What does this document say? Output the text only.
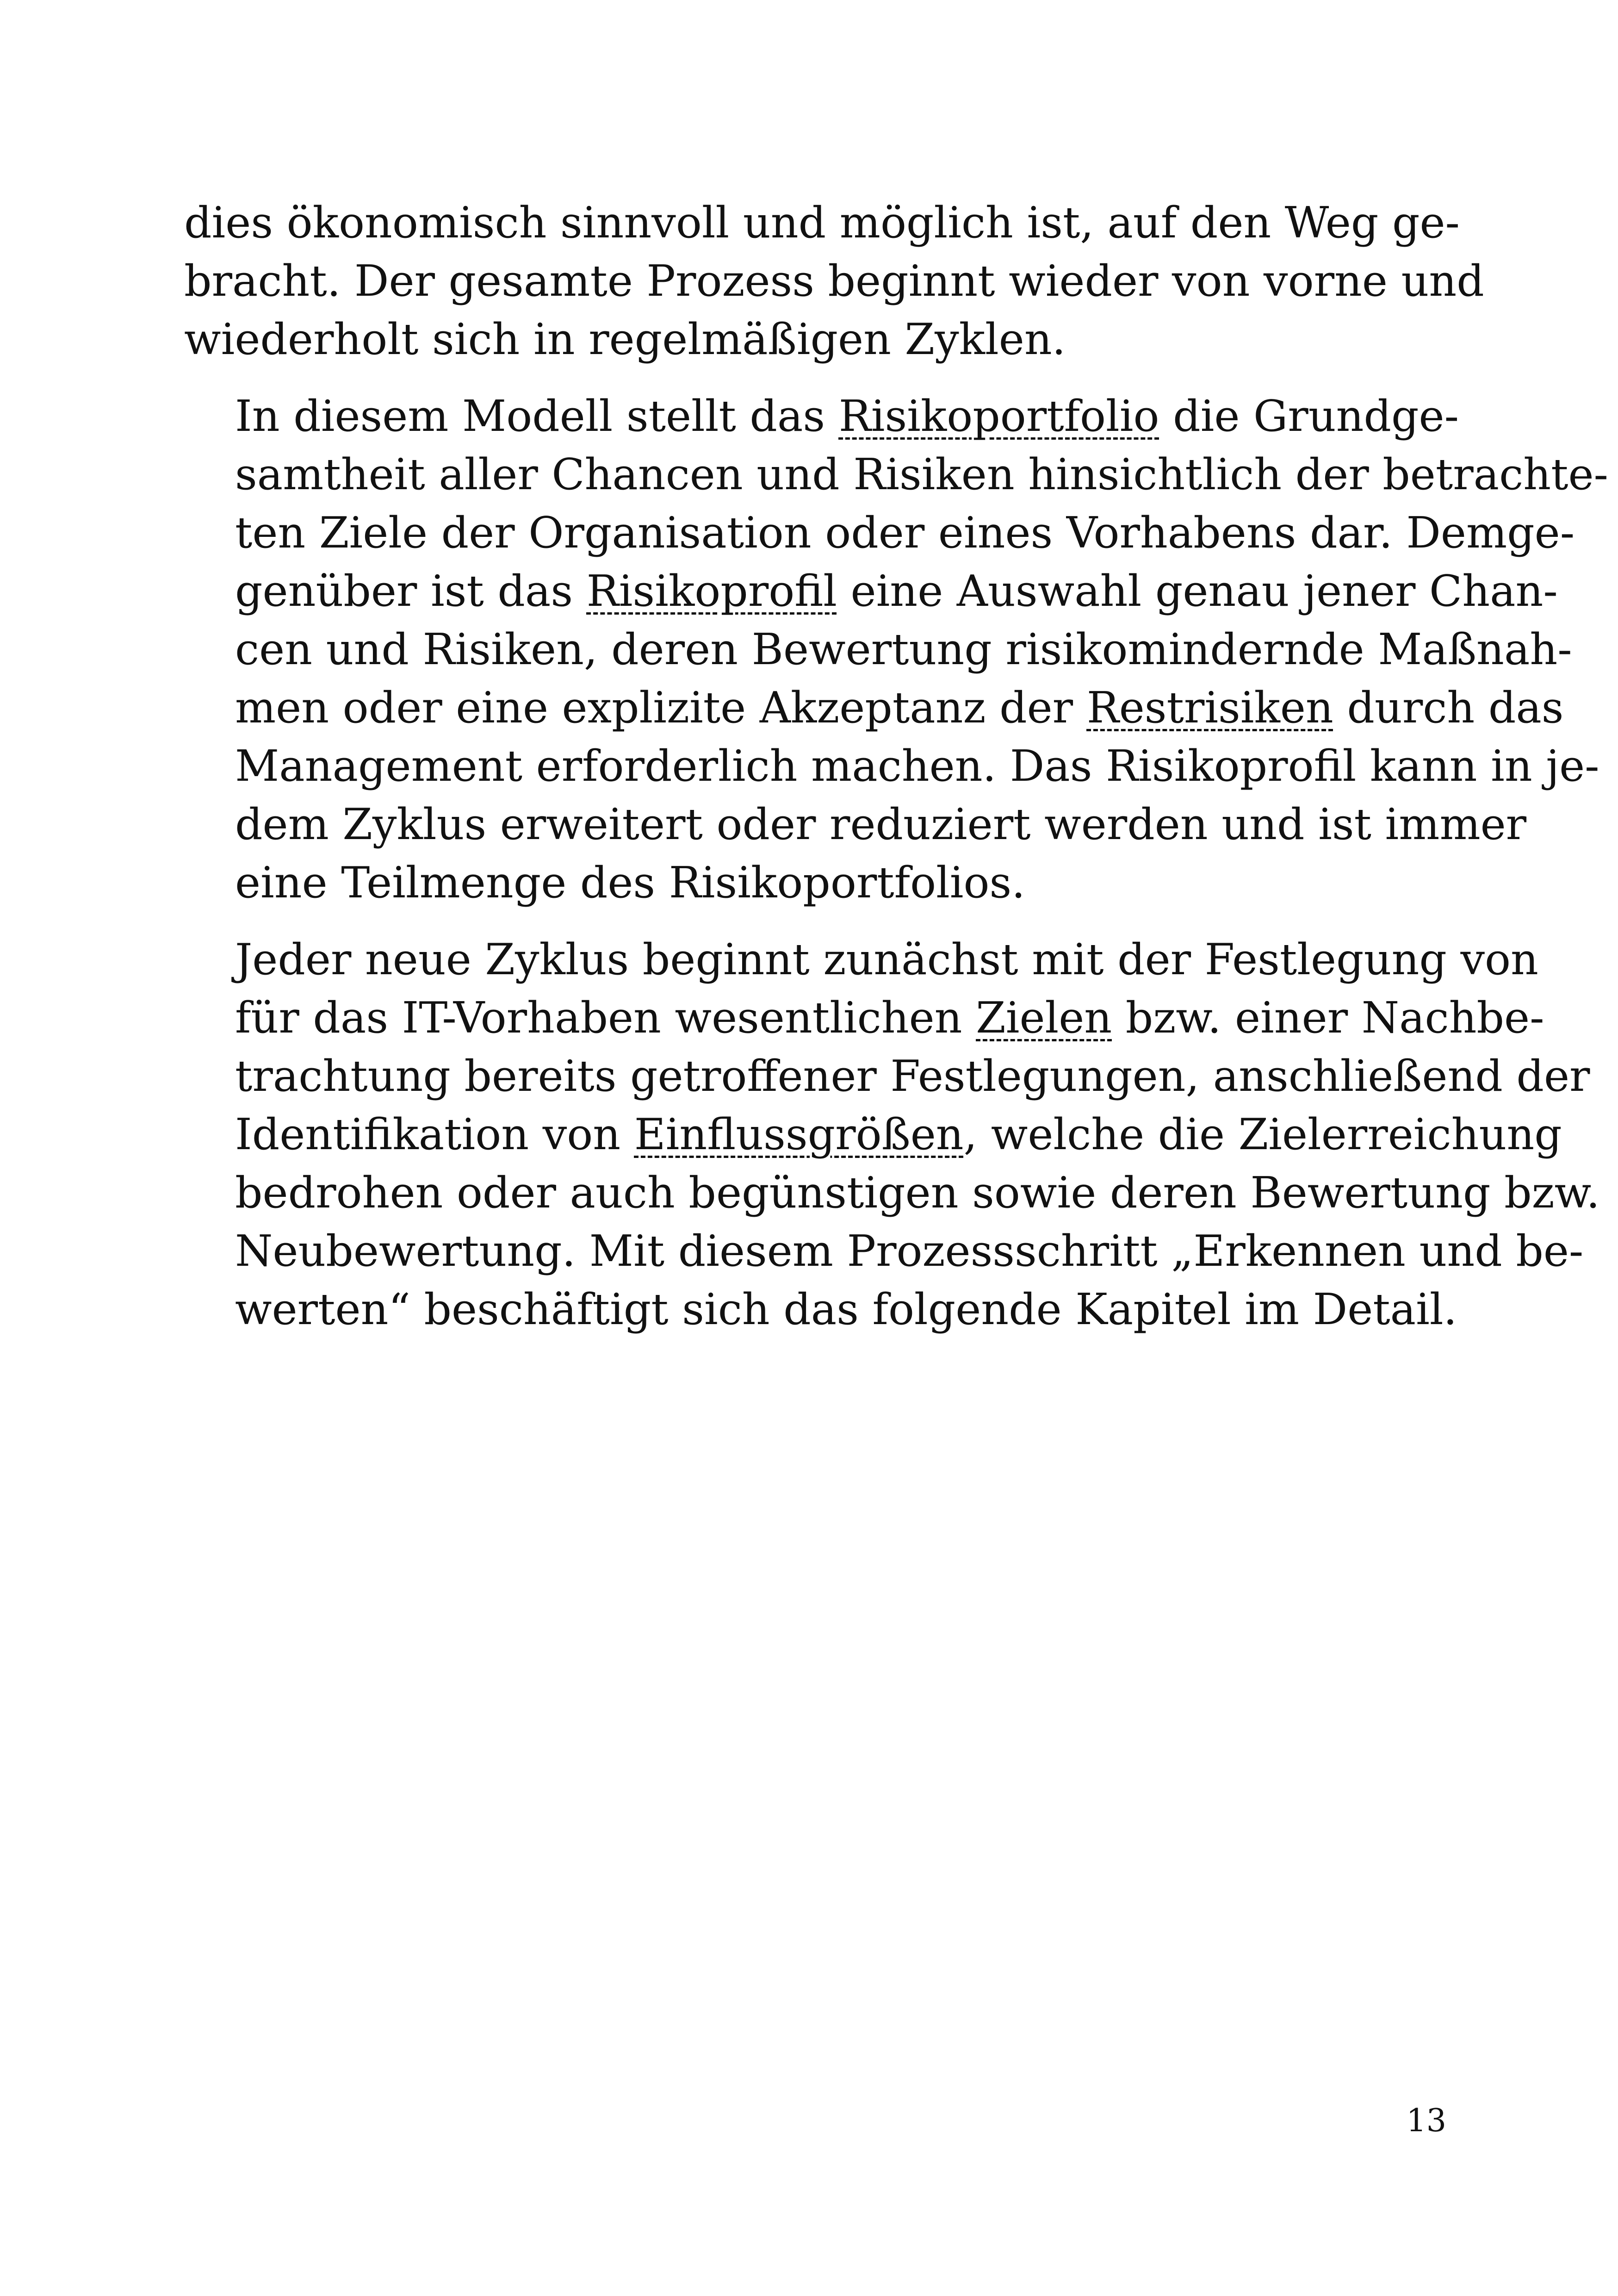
dies ökonomisch sinnvoll und möglich ist, auf den Weg ge-
bracht. Der gesamte Prozess beginnt wieder von vorne und
wiederholt sich in regelmäßigen Zyklen.
In diesem Modell stellt das Risikoportfolio die Grundge-
samtheit aller Chancen und Risiken hinsichtlich der betrachte-
ten Ziele der Organisation oder eines Vorhabens dar. Demge-
genüber ist das Risikoprofil eine Auswahl genau jener Chan-
cen und Risiken, deren Bewertung risikomindernde Maßnah-
men oder eine explizite Akzeptanz der Restrisiken durch das
Management erforderlich machen. Das Risikoprofil kann in je-
dem Zyklus erweitert oder reduziert werden und ist immer
eine Teilmenge des Risikoportfolios.
Jeder neue Zyklus beginnt zunächst mit der Festlegung von
für das IT-Vorhaben wesentlichen Zielen bzw. einer Nachbe-
trachtung bereits getroffener Festlegungen, anschließend der
Identifikation von Einflussgrößen, welche die Zielerreichung
bedrohen oder auch begünstigen sowie deren Bewertung bzw.
Neubewertung. Mit diesem Prozessschritt „Erkennen und be-
werten“ beschäftigt sich das folgende Kapitel im Detail.
13
